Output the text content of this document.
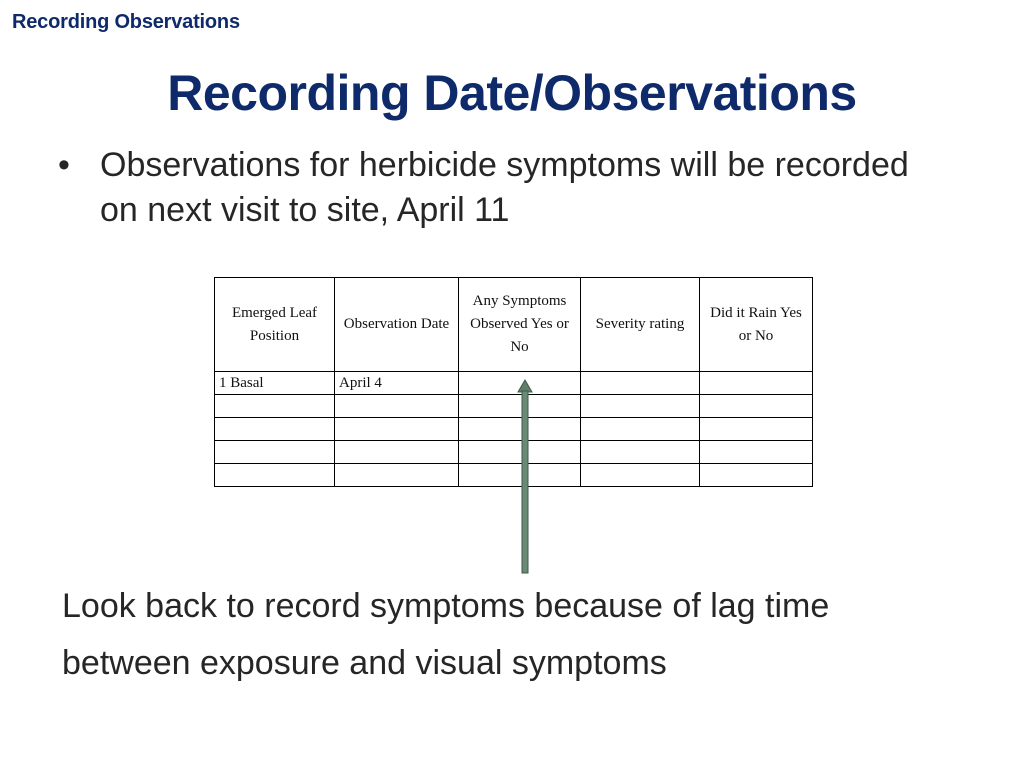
Recording Observations
Recording Date/Observations
• Observations for herbicide symptoms will be recorded on next visit to site, April 11
Emerged Leaf Position	Observation Date	Any Symptoms Observed Yes or No	Severity rating	Did it Rain Yes or No
1 Basal	April 4			

Look back to record symptoms because of lag time between exposure and visual symptoms
